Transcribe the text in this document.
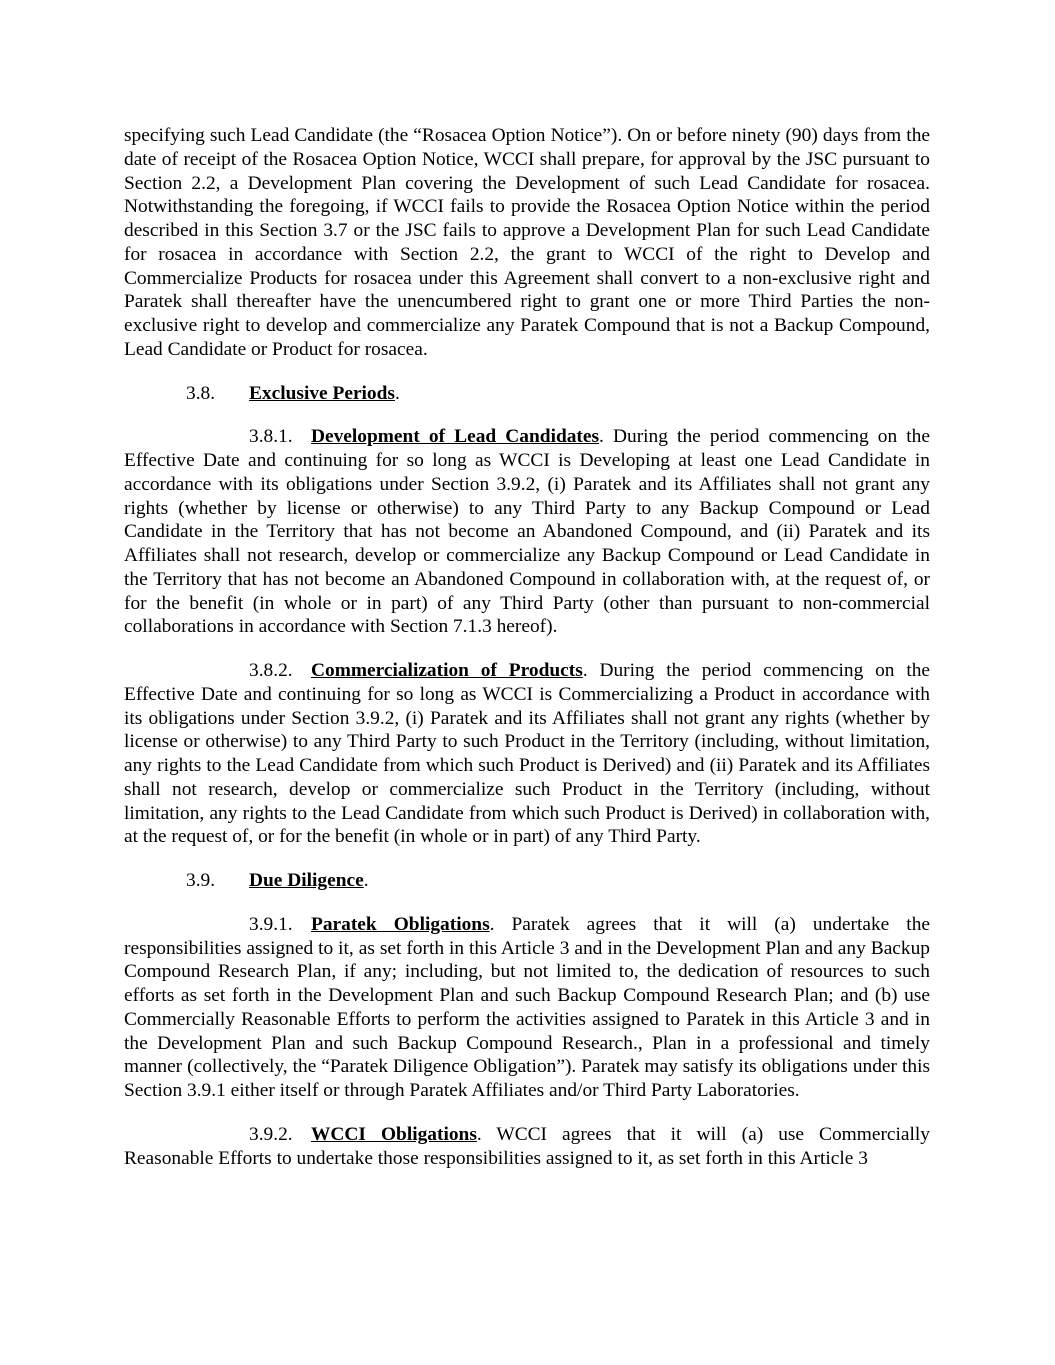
specifying such Lead Candidate (the “Rosacea Option Notice”). On or before ninety (90) days from the date of receipt of the Rosacea Option Notice, WCCI shall prepare, for approval by the JSC pursuant to Section 2.2, a Development Plan covering the Development of such Lead Candidate for rosacea. Notwithstanding the foregoing, if WCCI fails to provide the Rosacea Option Notice within the period described in this Section 3.7 or the JSC fails to approve a Development Plan for such Lead Candidate for rosacea in accordance with Section 2.2, the grant to WCCI of the right to Develop and Commercialize Products for rosacea under this Agreement shall convert to a non-exclusive right and Paratek shall thereafter have the unencumbered right to grant one or more Third Parties the non-exclusive right to develop and commercialize any Paratek Compound that is not a Backup Compound, Lead Candidate or Product for rosacea.

3.8. Exclusive Periods.

3.8.1. Development of Lead Candidates. During the period commencing on the Effective Date and continuing for so long as WCCI is Developing at least one Lead Candidate in accordance with its obligations under Section 3.9.2, (i) Paratek and its Affiliates shall not grant any rights (whether by license or otherwise) to any Third Party to any Backup Compound or Lead Candidate in the Territory that has not become an Abandoned Compound, and (ii) Paratek and its Affiliates shall not research, develop or commercialize any Backup Compound or Lead Candidate in the Territory that has not become an Abandoned Compound in collaboration with, at the request of, or for the benefit (in whole or in part) of any Third Party (other than pursuant to non-commercial collaborations in accordance with Section 7.1.3 hereof).

3.8.2. Commercialization of Products. During the period commencing on the Effective Date and continuing for so long as WCCI is Commercializing a Product in accordance with its obligations under Section 3.9.2, (i) Paratek and its Affiliates shall not grant any rights (whether by license or otherwise) to any Third Party to such Product in the Territory (including, without limitation, any rights to the Lead Candidate from which such Product is Derived) and (ii) Paratek and its Affiliates shall not research, develop or commercialize such Product in the Territory (including, without limitation, any rights to the Lead Candidate from which such Product is Derived) in collaboration with, at the request of, or for the benefit (in whole or in part) of any Third Party.

3.9. Due Diligence.

3.9.1. Paratek Obligations. Paratek agrees that it will (a) undertake the responsibilities assigned to it, as set forth in this Article 3 and in the Development Plan and any Backup Compound Research Plan, if any; including, but not limited to, the dedication of resources to such efforts as set forth in the Development Plan and such Backup Compound Research Plan; and (b) use Commercially Reasonable Efforts to perform the activities assigned to Paratek in this Article 3 and in the Development Plan and such Backup Compound Research., Plan in a professional and timely manner (collectively, the “Paratek Diligence Obligation”). Paratek may satisfy its obligations under this Section 3.9.1 either itself or through Paratek Affiliates and/or Third Party Laboratories.

3.9.2. WCCI Obligations. WCCI agrees that it will (a) use Commercially Reasonable Efforts to undertake those responsibilities assigned to it, as set forth in this Article 3
